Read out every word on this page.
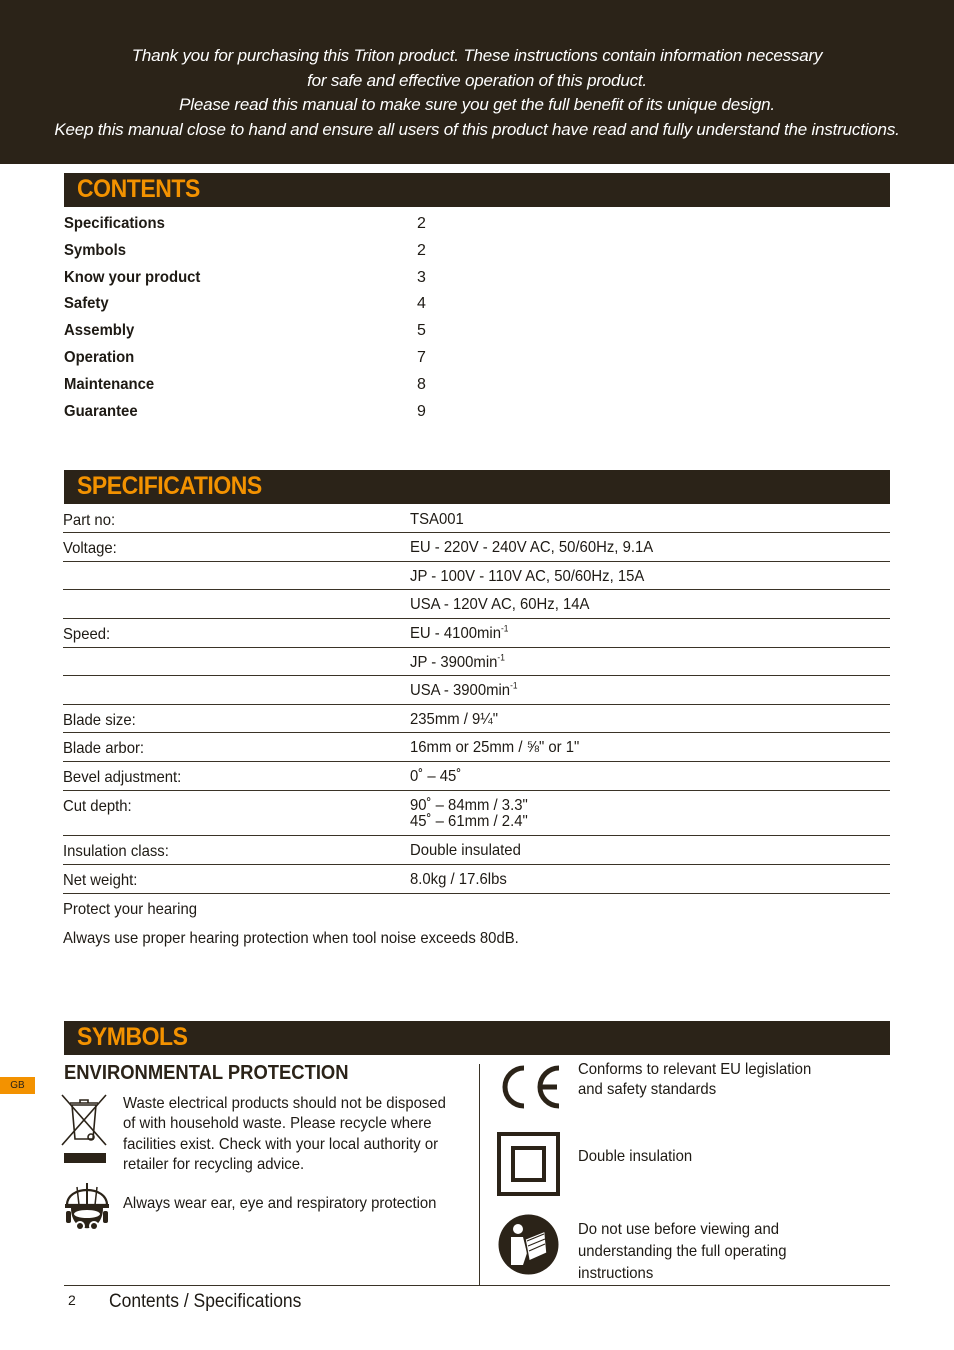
Thank you for purchasing this Triton product. These instructions contain information necessary
for safe and effective operation of this product.
Please read this manual to make sure you get the full benefit of its unique design.
Keep this manual close to hand and ensure all users of this product have read and fully understand the instructions.
CONTENTS
Specifications	2
Symbols	2
Know your product	3
Safety	4
Assembly	5
Operation	7
Maintenance	8
Guarantee	9
SPECIFICATIONS
Part no:	TSA001
Voltage:	EU - 220V - 240V AC, 50/60Hz, 9.1A
JP - 100V - 110V AC, 50/60Hz, 15A
USA - 120V AC, 60Hz, 14A
Speed:	EU - $4100\min^{-1}$
JP - $3900\min^{-1}$
USA - $3900\min^{-1}$
Blade size:	235mm / 9¼"
Blade arbor:	16mm or 25mm / ⅝" or 1"
Bevel adjustment:	0˚ – 45˚
Cut depth:	90˚ – 84mm / 3.3"
45˚ – 61mm / 2.4"
Insulation class:	Double insulated
Net weight:	8.0kg / 17.6lbs
Protect your hearing
Always use proper hearing protection when tool noise exceeds 80dB.
GB
SYMBOLS
ENVIRONMENTAL PROTECTION
Waste electrical products should not be disposed
of with household waste. Please recycle where
facilities exist. Check with your local authority or
retailer for recycling advice.
Always wear ear, eye and respiratory protection
Conforms to relevant EU legislation
and safety standards
Double insulation
Do not use before viewing and
understanding the full operating
instructions
2 Contents / Specifications
